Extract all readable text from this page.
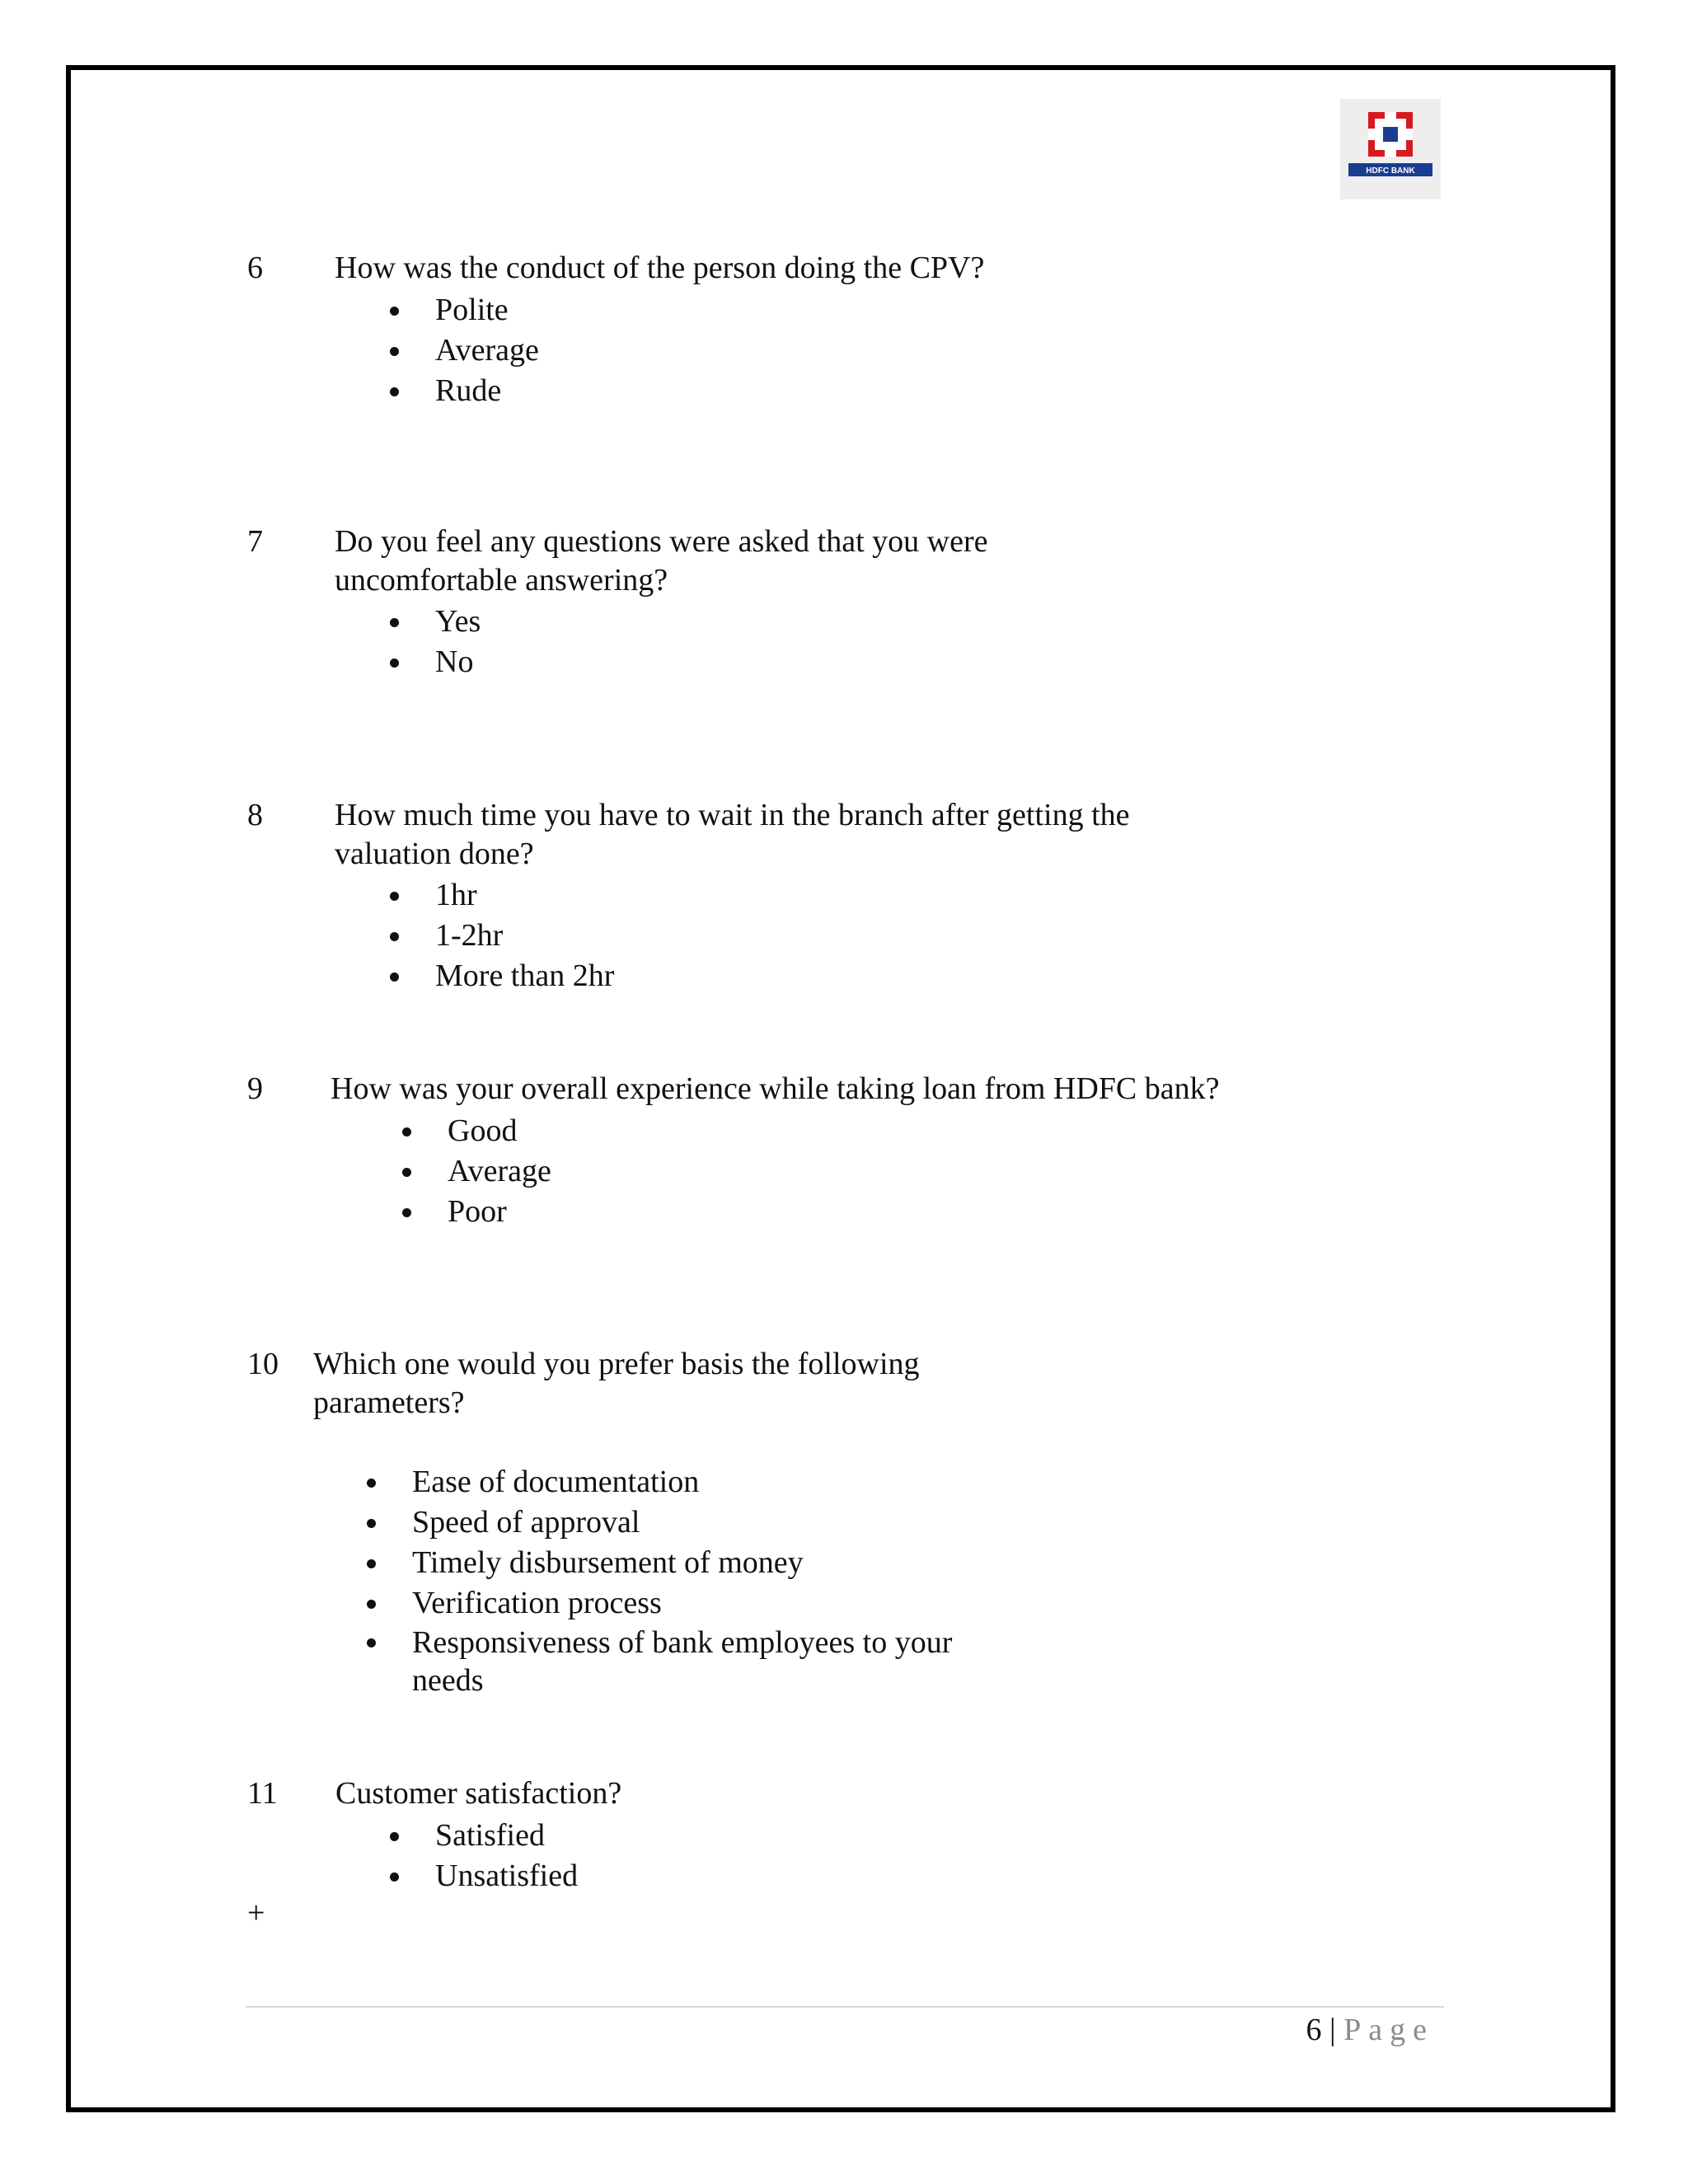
HDFC BANK
6 How was the conduct of the person doing the CPV?
Polite
Average
Rude
7 Do you feel any questions were asked that you were
uncomfortable answering?
Yes
No
8 How much time you have to wait in the branch after getting the
valuation done?
1hr
1-2hr
More than 2hr
9 How was your overall experience while taking loan from HDFC bank?
Good
Average
Poor
10 Which one would you prefer basis the following
parameters?
Ease of documentation
Speed of approval
Timely disbursement of money
Verification process
Responsiveness of bank employees to your needs
11 Customer satisfaction?
Satisfied
Unsatisfied
+
6 | Page
